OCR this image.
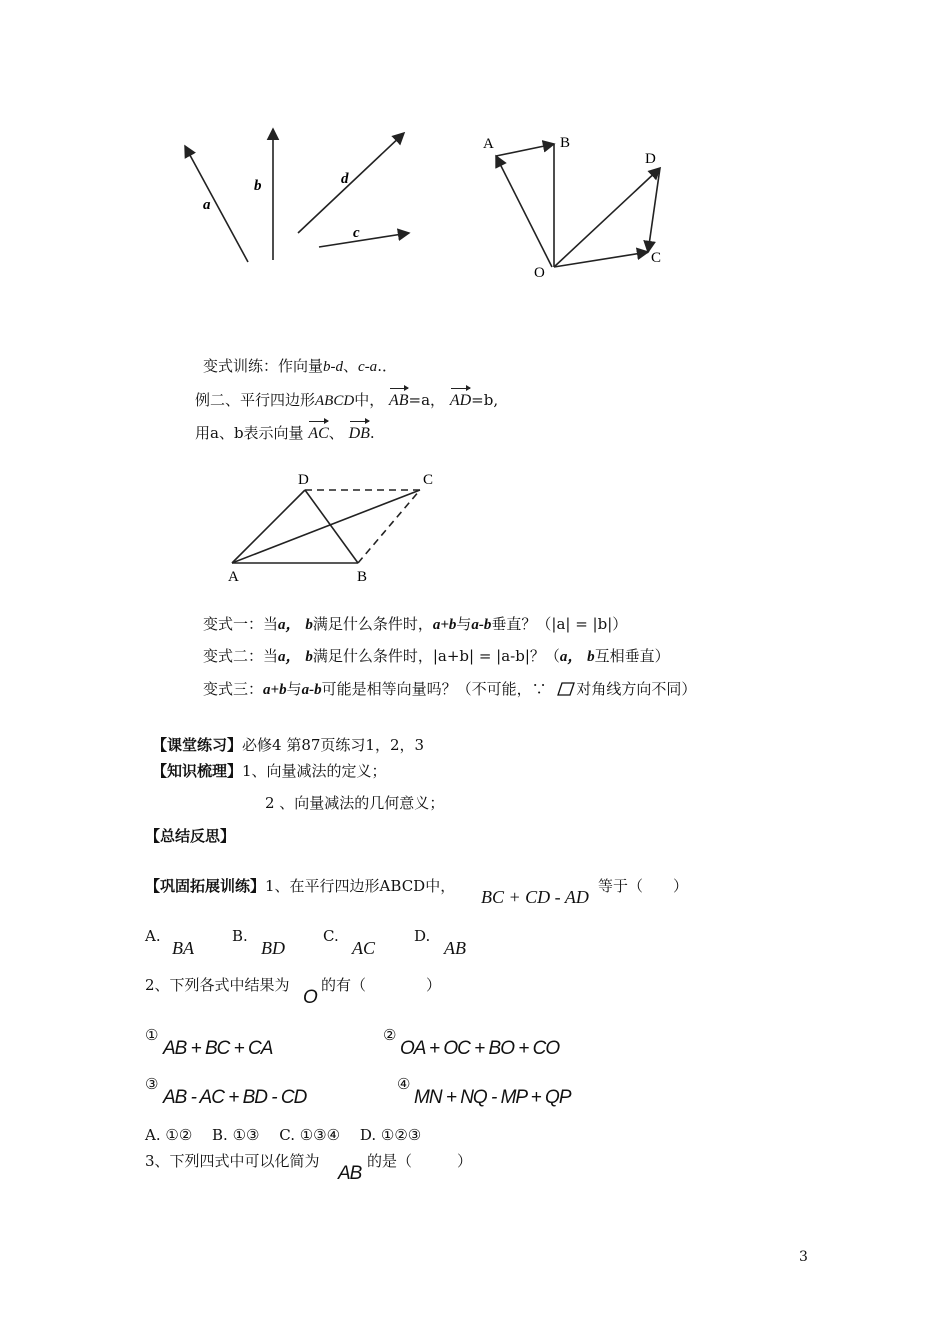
a
b	d
c
A	B
D
C
O
变式训练：作向量b-d、c-a.．
例二、平行四边形ABCD中， AB=a， AD=b,
用a、b表示向量 AC、 DB.
D	C
A	B
变式一：当a， b满足什么条件时，a+b与a-b垂直？（|a| = |b|）
变式二：当a， b满足什么条件时，|a+b| = |a-b|？（a， b互相垂直）
变式三：a+b与a-b可能是相等向量吗？（不可能，∵ 对角线方向不同）
【课堂练习】必修4 第87页练习1，2，3
【知识梳理】1、向量减法的定义；
2 、向量减法的几何意义；
【总结反思】
【巩固拓展训练】1、在平行四边形ABCD中，
BC + CD - AD
等于（　　）
A.
BA
B.
BD
C.
AC
D.
AB
2、下列各式中结果为
O
的有（　　　　）
①
AB + BC + CA
②
OA + OC + BO + CO
③
AB - AC + BD - CD
④
MN + NQ - MP + QP
A. ①②　 B. ①③　 C. ①③④　 D. ①②③
3、下列四式中可以化简为
AB
的是（　　　）
3
